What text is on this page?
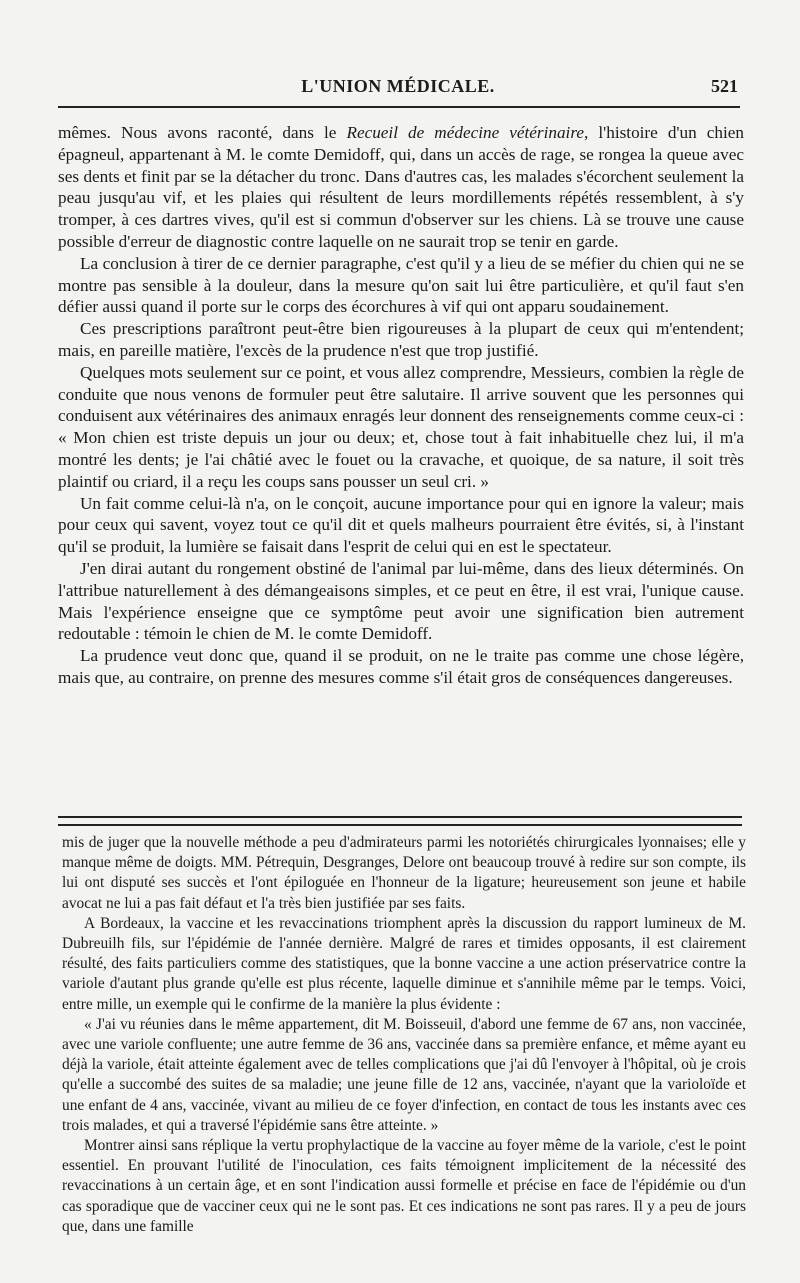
L'UNION MÉDICALE.	521

mêmes. Nous avons raconté, dans le Recueil de médecine vétérinaire, l'histoire d'un chien épagneul, appartenant à M. le comte Demidoff, qui, dans un accès de rage, se rongea la queue avec ses dents et finit par se la détacher du tronc. Dans d'autres cas, les malades s'écorchent seulement la peau jusqu'au vif, et les plaies qui résultent de leurs mordillements répétés ressemblent, à s'y tromper, à ces dartres vives, qu'il est si commun d'observer sur les chiens. Là se trouve une cause possible d'erreur de diagnostic contre laquelle on ne saurait trop se tenir en garde.

La conclusion à tirer de ce dernier paragraphe, c'est qu'il y a lieu de se méfier du chien qui ne se montre pas sensible à la douleur, dans la mesure qu'on sait lui être particulière, et qu'il faut s'en défier aussi quand il porte sur le corps des écorchures à vif qui ont apparu soudainement.

Ces prescriptions paraîtront peut-être bien rigoureuses à la plupart de ceux qui m'entendent; mais, en pareille matière, l'excès de la prudence n'est que trop justifié.

Quelques mots seulement sur ce point, et vous allez comprendre, Messieurs, combien la règle de conduite que nous venons de formuler peut être salutaire. Il arrive souvent que les personnes qui conduisent aux vétérinaires des animaux enragés leur donnent des renseignements comme ceux-ci : « Mon chien est triste depuis un jour ou deux; et, chose tout à fait inhabituelle chez lui, il m'a montré les dents; je l'ai châtié avec le fouet ou la cravache, et quoique, de sa nature, il soit très plaintif ou criard, il a reçu les coups sans pousser un seul cri. »

Un fait comme celui-là n'a, on le conçoit, aucune importance pour qui en ignore la valeur; mais pour ceux qui savent, voyez tout ce qu'il dit et quels malheurs pourraient être évités, si, à l'instant qu'il se produit, la lumière se faisait dans l'esprit de celui qui en est le spectateur.

J'en dirai autant du rongement obstiné de l'animal par lui-même, dans des lieux déterminés. On l'attribue naturellement à des démangeaisons simples, et ce peut en être, il est vrai, l'unique cause. Mais l'expérience enseigne que ce symptôme peut avoir une signification bien autrement redoutable : témoin le chien de M. le comte Demidoff.

La prudence veut donc que, quand il se produit, on ne le traite pas comme une chose légère, mais que, au contraire, on prenne des mesures comme s'il était gros de conséquences dangereuses.

mis de juger que la nouvelle méthode a peu d'admirateurs parmi les notoriétés chirurgicales lyonnaises; elle y manque même de doigts. MM. Pétrequin, Desgranges, Delore ont beaucoup trouvé à redire sur son compte, ils lui ont disputé ses succès et l'ont épiloguée en l'honneur de la ligature; heureusement son jeune et habile avocat ne lui a pas fait défaut et l'a très bien justifiée par ses faits.

A Bordeaux, la vaccine et les revaccinations triomphent après la discussion du rapport lumineux de M. Dubreuilh fils, sur l'épidémie de l'année dernière. Malgré de rares et timides opposants, il est clairement résulté, des faits particuliers comme des statistiques, que la bonne vaccine a une action préservatrice contre la variole d'autant plus grande qu'elle est plus récente, laquelle diminue et s'annihile même par le temps. Voici, entre mille, un exemple qui le confirme de la manière la plus évidente :

« J'ai vu réunies dans le même appartement, dit M. Boisseuil, d'abord une femme de 67 ans, non vaccinée, avec une variole confluente; une autre femme de 36 ans, vaccinée dans sa première enfance, et même ayant eu déjà la variole, était atteinte également avec de telles complications que j'ai dû l'envoyer à l'hôpital, où je crois qu'elle a succombé des suites de sa maladie; une jeune fille de 12 ans, vaccinée, n'ayant que la varioloïde et une enfant de 4 ans, vaccinée, vivant au milieu de ce foyer d'infection, en contact de tous les instants avec ces trois malades, et qui a traversé l'épidémie sans être atteinte. »

Montrer ainsi sans réplique la vertu prophylactique de la vaccine au foyer même de la variole, c'est le point essentiel. En prouvant l'utilité de l'inoculation, ces faits témoignent implicitement de la nécessité des revaccinations à un certain âge, et en sont l'indication aussi formelle et précise en face de l'épidémie ou d'un cas sporadique que de vacciner ceux qui ne le sont pas. Et ces indications ne sont pas rares. Il y a peu de jours que, dans une famille
